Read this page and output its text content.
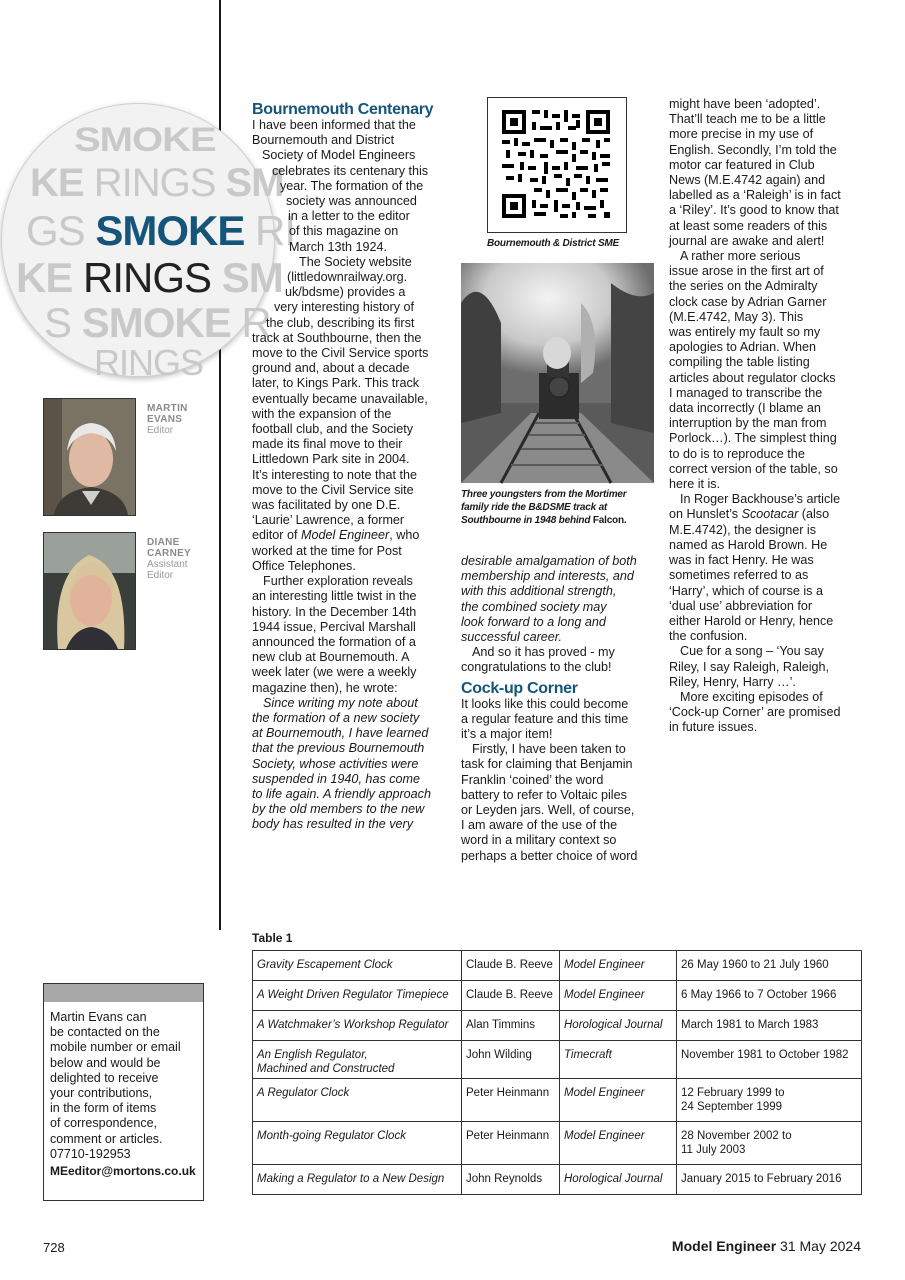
SMOKE
KE RINGS SM
GS SMOKE RI
KE RINGS SM
S SMOKE R
RINGS
MARTIN
EVANS
Editor
DIANE
CARNEY
Assistant
Editor
Martin Evans can
be contacted on the
mobile number or email
below and would be
delighted to receive
your contributions,
in the form of items
of correspondence,
comment or articles.
07710-192953
MEeditor@mortons.co.uk
Bournemouth Centenary

I have been informed that the

Bournemouth and District

Society of Model Engineers

celebrates its centenary this

year. The formation of the

society was announced

in a letter to the editor

of this magazine on

March 13th 1924.

The Society website

(littledownrailway.org.

uk/bdsme) provides a

very interesting history of

the club, describing its first

track at Southbourne, then the

move to the Civil Service sports

ground and, about a decade

later, to Kings Park. This track

eventually became unavailable,

with the expansion of the

football club, and the Society

made its final move to their

Littledown Park site in 2004.

It’s interesting to note that the

move to the Civil Service site

was facilitated by one D.E.

‘Laurie’ Lawrence, a former

editor of Model Engineer, who

worked at the time for Post

Office Telephones.

Further exploration reveals

an interesting little twist in the

history. In the December 14th

1944 issue, Percival Marshall

announced the formation of a

new club at Bournemouth. A

week later (we were a weekly

magazine then), he wrote:

Since writing my note about

the formation of a new society

at Bournemouth, I have learned

that the previous Bournemouth

Society, whose activities were

suspended in 1940, has come

to life again. A friendly approach

by the old members to the new

body has resulted in the very

Bournemouth & District SME
Three youngsters from the Mortimer
family ride the B&DSME track at
Southbourne in 1948 behind Falcon.

desirable amalgamation of both

membership and interests, and

with this additional strength,

the combined society may

look forward to a long and

successful career.

And so it has proved - my

congratulations to the club!

Cock-up Corner

It looks like this could become

a regular feature and this time

it’s a major item!

Firstly, I have been taken to

task for claiming that Benjamin

Franklin ‘coined’ the word

battery to refer to Voltaic piles

or Leyden jars. Well, of course,

I am aware of the use of the

word in a military context so

perhaps a better choice of word

might have been ‘adopted’.

That’ll teach me to be a little

more precise in my use of

English. Secondly, I’m told the

motor car featured in Club

News (M.E.4742 again) and

labelled as a ‘Raleigh’ is in fact

a ‘Riley’. It’s good to know that

at least some readers of this

journal are awake and alert!

A rather more serious

issue arose in the first art of

the series on the Admiralty

clock case by Adrian Garner

(M.E.4742, May 3). This

was entirely my fault so my

apologies to Adrian. When

compiling the table listing

articles about regulator clocks

I managed to transcribe the

data incorrectly (I blame an

interruption by the man from

Porlock…). The simplest thing

to do is to reproduce the

correct version of the table, so

here it is.

In Roger Backhouse’s article

on Hunslet’s Scootacar (also

M.E.4742), the designer is

named as Harold Brown. He

was in fact Henry. He was

sometimes referred to as

‘Harry’, which of course is a

‘dual use’ abbreviation for

either Harold or Henry, hence

the confusion.

Cue for a song – ‘You say

Riley, I say Raleigh, Raleigh,

Riley, Henry, Harry …’.

More exciting episodes of

‘Cock-up Corner’ are promised

in future issues.

Table 1
Gravity Escapement Clock	Claude B. Reeve	Model Engineer	26 May 1960 to 21 July 1960

A Weight Driven Regulator Timepiece	Claude B. Reeve	Model Engineer	6 May 1966 to 7 October 1966

A Watchmaker’s Workshop Regulator	Alan Timmins	Horological Journal	March 1981 to March 1983

An English Regulator,
Machined and Constructed	John Wilding	Timecraft	November 1981 to October 1982

A Regulator Clock	Peter Heinmann	Model Engineer	12 February 1999 to
24 September 1999

Month-going Regulator Clock	Peter Heinmann	Model Engineer	28 November 2002 to
11 July 2003

Making a Regulator to a New Design	John Reynolds	Horological Journal	January 2015 to February 2016
728	Model Engineer 31 May 2024
